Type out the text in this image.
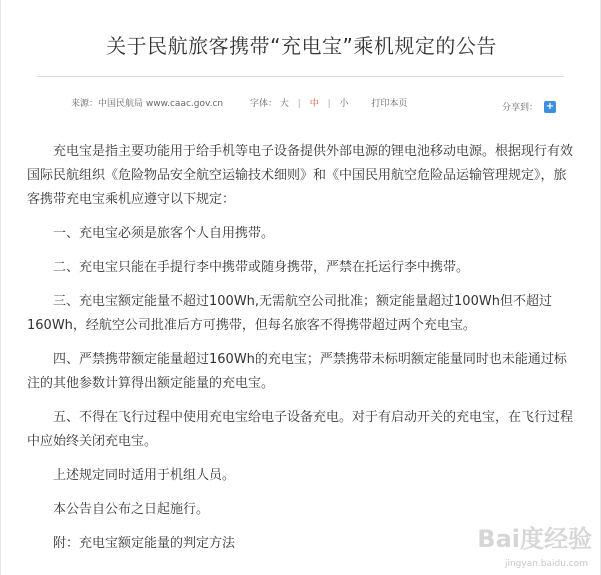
关于民航旅客携带“充电宝”乘机规定的公告
来源：中国民航局 www.caac.gov.cn	字体： 大 | 中 | 小	打印本页	分享到： +

充电宝是指主要功能用于给手机等电子设备提供外部电源的锂电池移动电源。根据现行有效国际民航组织《危险物品安全航空运输技术细则》和《中国民用航空危险品运输管理规定》，旅客携带充电宝乘机应遵守以下规定：

一、充电宝必须是旅客个人自用携带。

二、充电宝只能在手提行李中携带或随身携带，严禁在托运行李中携带。

三、充电宝额定能量不超过100Wh,无需航空公司批准；额定能量超过100Wh但不超过160Wh，经航空公司批准后方可携带，但每名旅客不得携带超过两个充电宝。

四、严禁携带额定能量超过160Wh的充电宝；严禁携带未标明额定能量同时也未能通过标注的其他参数计算得出额定能量的充电宝。

五、不得在飞行过程中使用充电宝给电子设备充电。对于有启动开关的充电宝，在飞行过程中应始终关闭充电宝。

上述规定同时适用于机组人员。

本公告自公布之日起施行。

附：充电宝额定能量的判定方法	Bai度经验
jingyan.baidu.com
